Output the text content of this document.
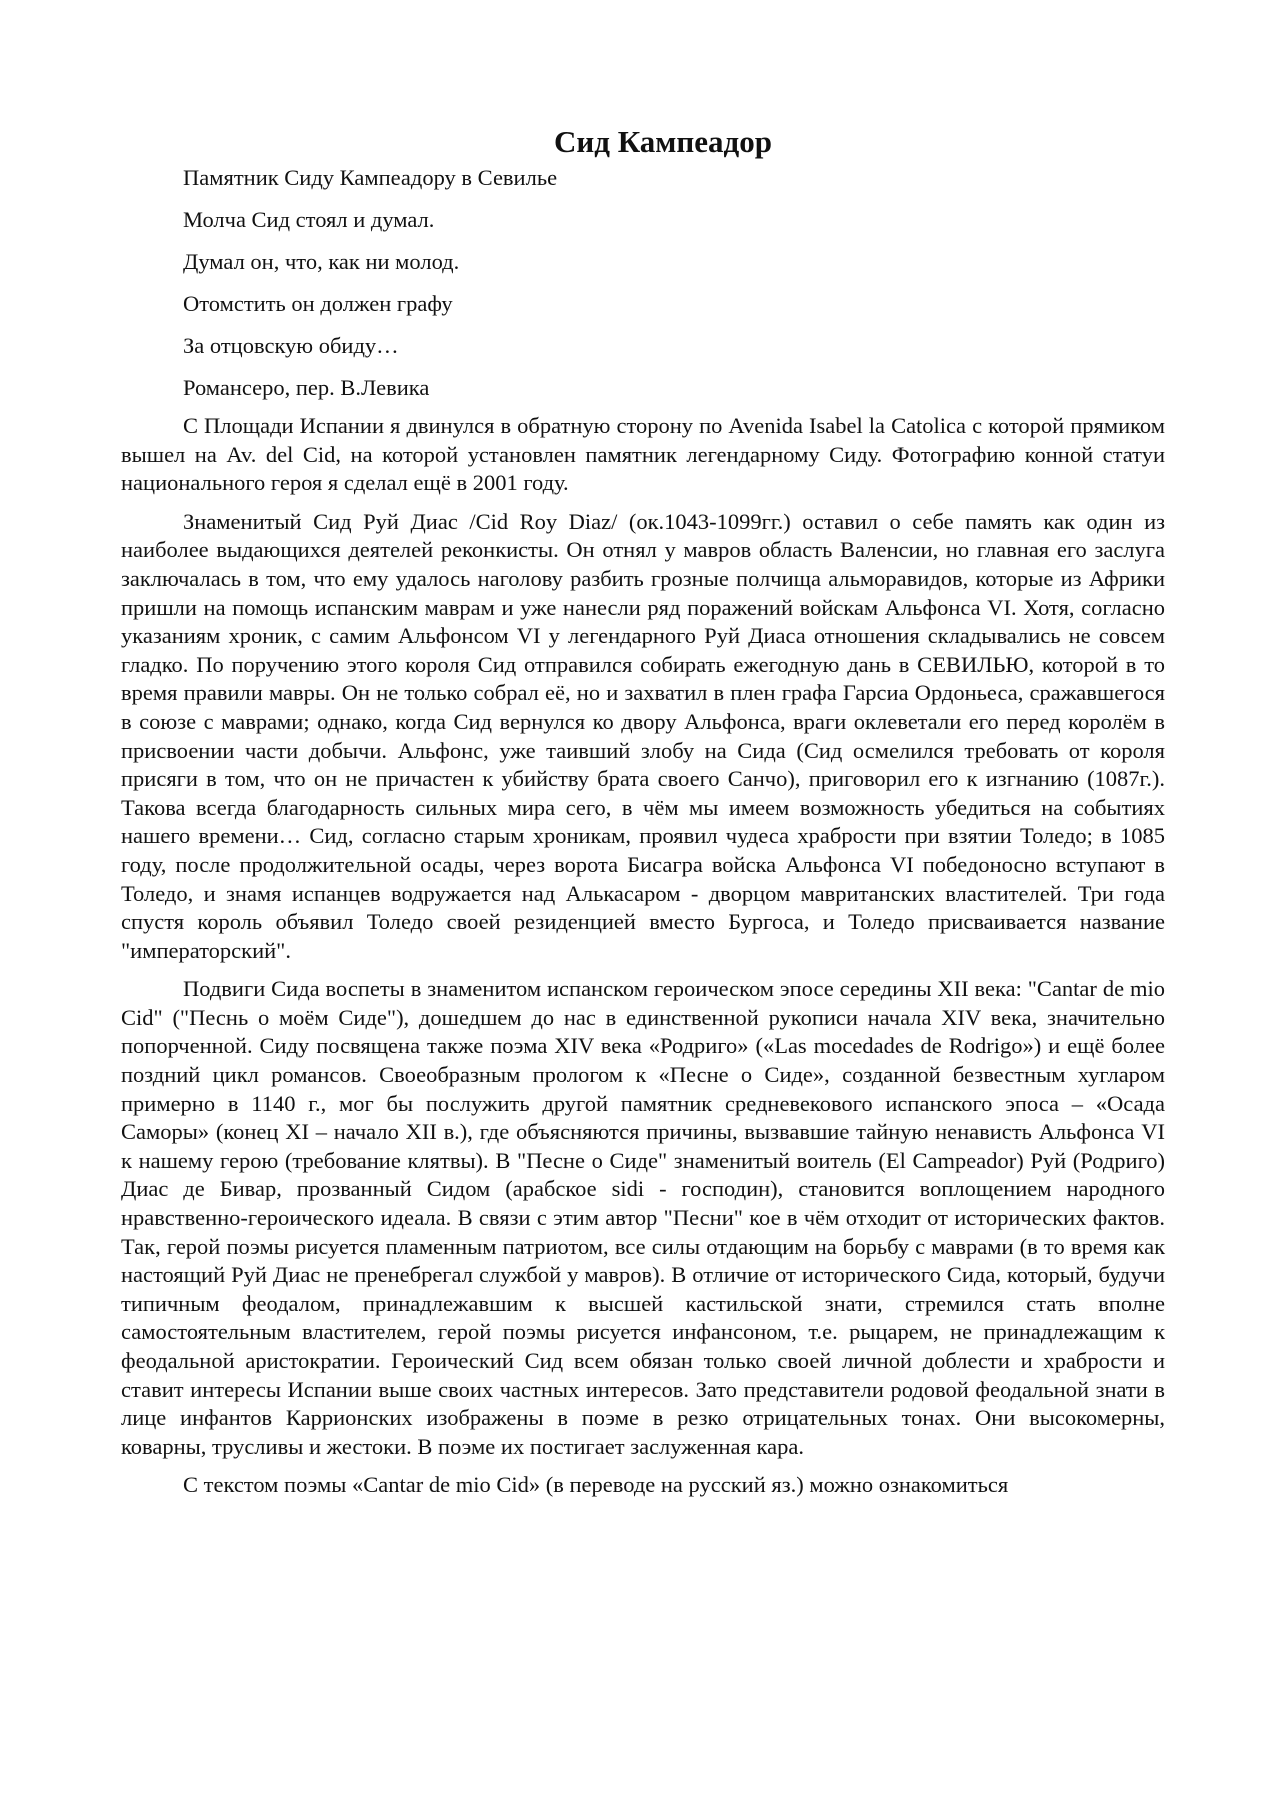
Сид Кампеадор

Памятник Сиду Кампеадору в Севилье

Молча Сид стоял и думал.

Думал он, что, как ни молод.

Отомстить он должен графу

За отцовскую обиду…

Романсеро, пер. В.Левика

С Площади Испании я двинулся в обратную сторону по Avenida Isabel la Catolica с которой прямиком вышел на Av. del Cid, на которой установлен памятник легендарному Сиду. Фотографию конной статуи национального героя я сделал ещё в 2001 году.

Знаменитый Сид Руй Диас /Cid Roy Diaz/ (ок.1043-1099гг.) оставил о себе память как один из наиболее выдающихся деятелей реконкисты. Он отнял у мавров область Валенсии, но главная его заслуга заключалась в том, что ему удалось наголову разбить грозные полчища альморавидов, которые из Африки пришли на помощь испанским маврам и уже нанесли ряд поражений войскам Альфонса VI. Хотя, согласно указаниям хроник, с самим Альфонсом VI у легендарного Руй Диаса отношения складывались не совсем гладко. По поручению этого короля Сид отправился собирать ежегодную дань в СЕВИЛЬЮ, которой в то время правили мавры. Он не только собрал её, но и захватил в плен графа Гарсиа Ордоньеса, сражавшегося в союзе с маврами; однако, когда Сид вернулся ко двору Альфонса, враги оклеветали его перед королём в присвоении части добычи. Альфонс, уже таивший злобу на Сида (Сид осмелился требовать от короля присяги в том, что он не причастен к убийству брата своего Санчо), приговорил его к изгнанию (1087г.). Такова всегда благодарность сильных мира сего, в чём мы имеем возможность убедиться на событиях нашего времени… Сид, согласно старым хроникам, проявил чудеса храбрости при взятии Толедо; в 1085 году, после продолжительной осады, через ворота Бисагра войска Альфонса VI победоносно вступают в Толедо, и знамя испанцев водружается над Алькасаром - дворцом мавританских властителей. Три года спустя король объявил Толедо своей резиденцией вместо Бургоса, и Толедо присваивается название "императорский".

Подвиги Сида воспеты в знаменитом испанском героическом эпосе середины XII века: "Cantar de mio Cid" ("Песнь о моём Сиде"), дошедшем до нас в единственной рукописи начала XIV века, значительно попорченной. Сиду посвящена также поэма XIV века «Родриго» («Las mocedades de Rodrigo») и ещё более поздний цикл романсов. Своеобразным прологом к «Песне о Сиде», созданной безвестным хугларом примерно в 1140 г., мог бы послужить другой памятник средневекового испанского эпоса – «Осада Саморы» (конец XI – начало XII в.), где объясняются причины, вызвавшие тайную ненависть Альфонса VI к нашему герою (требование клятвы). В "Песне о Сиде" знаменитый воитель (El Campeador) Руй (Родриго) Диас де Бивар, прозванный Сидом (арабское sidi - господин), становится воплощением народного нравственно-героического идеала. В связи с этим автор "Песни" кое в чём отходит от исторических фактов. Так, герой поэмы рисуется пламенным патриотом, все силы отдающим на борьбу с маврами (в то время как настоящий Руй Диас не пренебрегал службой у мавров). В отличие от исторического Сида, который, будучи типичным феодалом, принадлежавшим к высшей кастильской знати, стремился стать вполне самостоятельным властителем, герой поэмы рисуется инфансоном, т.е. рыцарем, не принадлежащим к феодальной аристократии. Героический Сид всем обязан только своей личной доблести и храбрости и ставит интересы Испании выше своих частных интересов. Зато представители родовой феодальной знати в лице инфантов Каррионских изображены в поэме в резко отрицательных тонах. Они высокомерны, коварны, трусливы и жестоки. В поэме их постигает заслуженная кара.

С текстом поэмы «Cantar de mio Cid» (в переводе на русский яз.) можно ознакомиться
